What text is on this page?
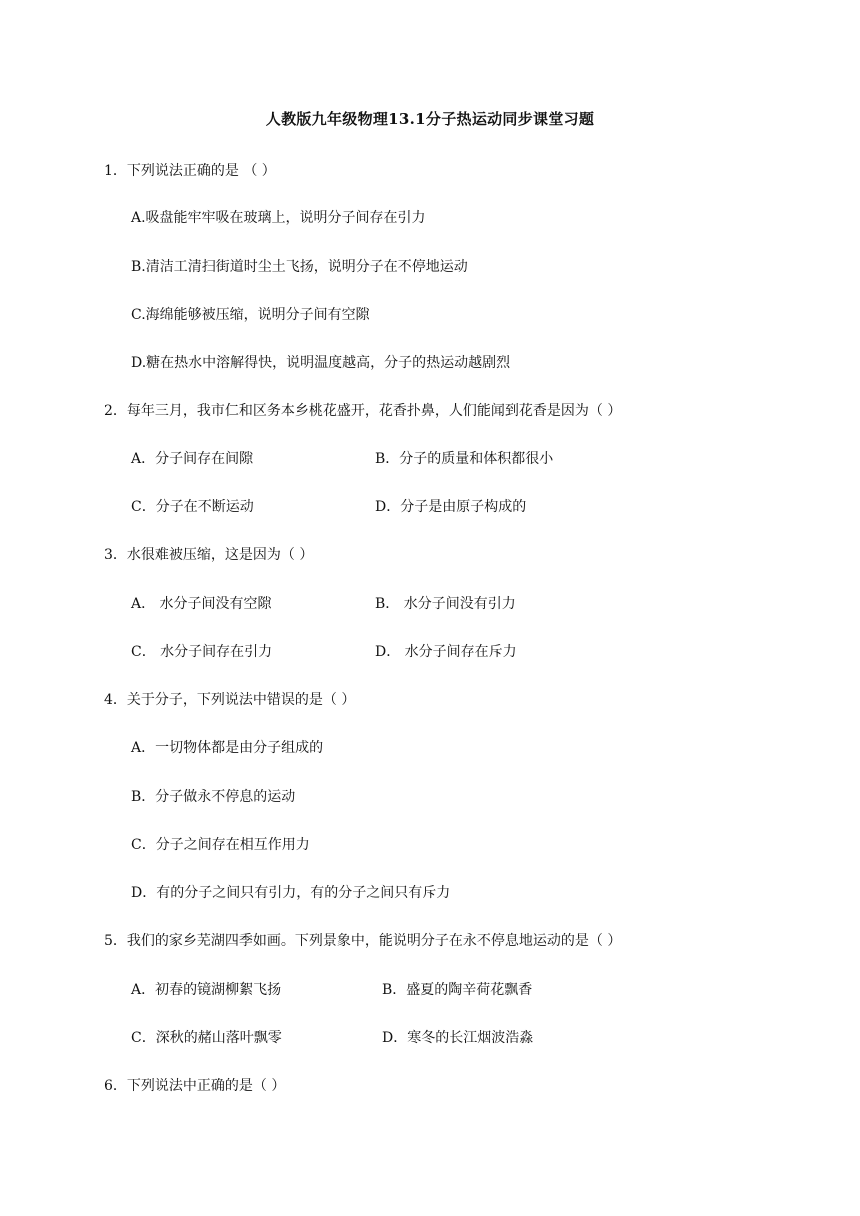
人教版九年级物理13.1分子热运动同步课堂习题
1．下列说法正确的是 （ ）
A.吸盘能牢牢吸在玻璃上，说明分子间存在引力
B.清洁工清扫街道时尘土飞扬，说明分子在不停地运动
C.海绵能够被压缩，说明分子间有空隙
D.糖在热水中溶解得快，说明温度越高，分子的热运动越剧烈
2．每年三月，我市仁和区务本乡桃花盛开，花香扑鼻，人们能闻到花香是因为（ ）
A．分子间存在间隙	B．分子的质量和体积都很小
C．分子在不断运动	D．分子是由原子构成的
3．水很难被压缩，这是因为（ ）
A． 水分子间没有空隙	B． 水分子间没有引力
C． 水分子间存在引力	D． 水分子间存在斥力
4．关于分子，下列说法中错误的是（ ）
A．一切物体都是由分子组成的
B．分子做永不停息的运动
C．分子之间存在相互作用力
D．有的分子之间只有引力，有的分子之间只有斥力
5．我们的家乡芜湖四季如画。下列景象中，能说明分子在永不停息地运动的是（ ）
A．初春的镜湖柳絮飞扬	B．盛夏的陶辛荷花飘香
C．深秋的赭山落叶飘零	D．寒冬的长江烟波浩淼
6．下列说法中正确的是（ ）
